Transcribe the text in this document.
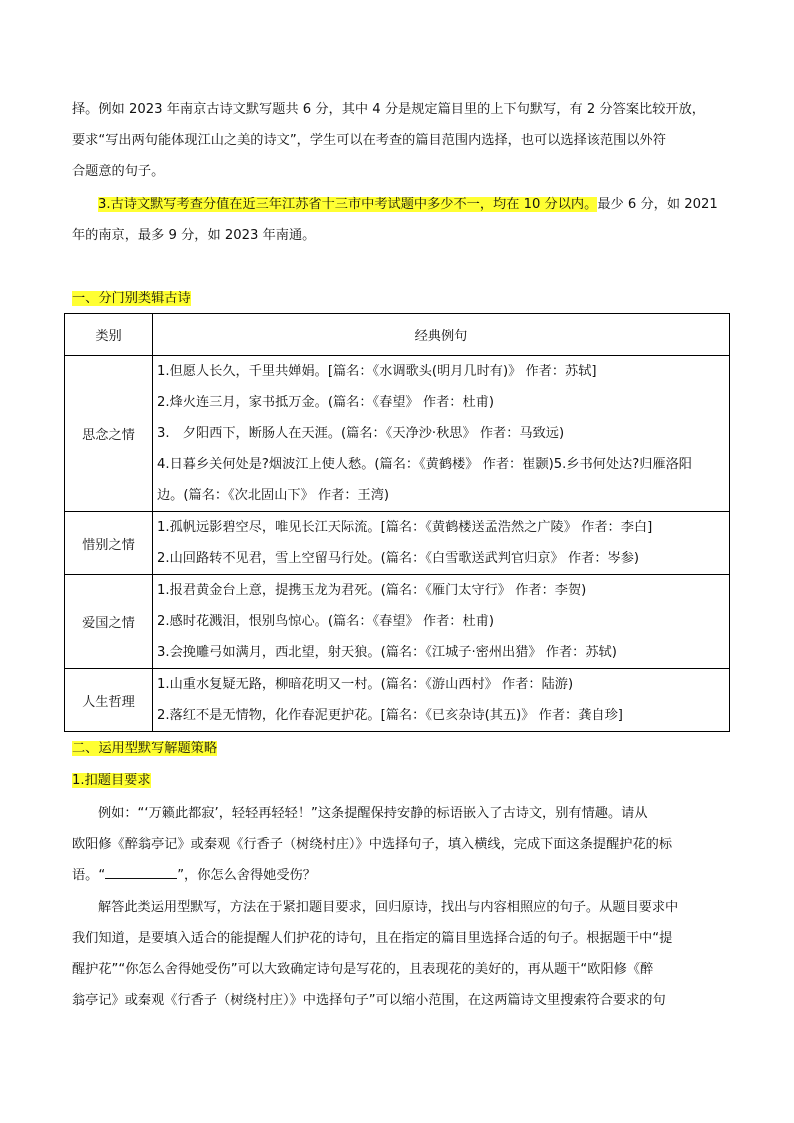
择。例如 2023 年南京古诗文默写题共 6 分，其中 4 分是规定篇目里的上下句默写，有 2 分答案比较开放，
要求“写出两句能体现江山之美的诗文”，学生可以在考查的篇目范围内选择，也可以选择该范围以外符
合题意的句子。

3.古诗文默写考查分值在近三年江苏省十三市中考试题中多少不一，均在 10 分以内。最少 6 分，如 2021
年的南京，最多 9 分，如 2023 年南通。

一、分门别类辑古诗
类别	经典例句
思念之情	1.但愿人长久，千里共婵娟。[篇名：《水调歌头(明月几时有)》 作者：苏轼]

2.烽火连三月，家书抵万金。(篇名：《春望》 作者：杜甫)

3.　夕阳西下，断肠人在天涯。(篇名：《天净沙·秋思》 作者：马致远)

4.日暮乡关何处是?烟波江上使人愁。(篇名：《黄鹤楼》 作者：崔颢)5.乡书何处达?归雁洛阳

边。(篇名：《次北固山下》 作者：王湾)

惜别之情	1.孤帆远影碧空尽，唯见长江天际流。[篇名：《黄鹤楼送孟浩然之广陵》 作者：李白]

2.山回路转不见君，雪上空留马行处。(篇名：《白雪歌送武判官归京》 作者：岑参)

爱国之情	1.报君黄金台上意，提携玉龙为君死。(篇名：《雁门太守行》 作者：李贺)

2.感时花溅泪，恨别鸟惊心。(篇名：《春望》 作者：杜甫)

3.会挽雕弓如满月，西北望，射天狼。(篇名：《江城子·密州出猎》 作者：苏轼)

人生哲理	1.山重水复疑无路，柳暗花明又一村。(篇名：《游山西村》 作者：陆游)

2.落红不是无情物，化作春泥更护花。[篇名：《已亥杂诗(其五)》 作者：龚自珍]

二、运用型默写解题策略
1.扣题目要求

例如：“‘万籁此都寂’，轻轻再轻轻！”这条提醒保持安静的标语嵌入了古诗文，别有情趣。请从
欧阳修《醉翁亭记》或秦观《行香子（树绕村庄）》中选择句子，填入横线，完成下面这条提醒护花的标
语。“	”，你怎么舍得她受伤？

解答此类运用型默写，方法在于紧扣题目要求，回归原诗，找出与内容相照应的句子。从题目要求中
我们知道，是要填入适合的能提醒人们护花的诗句，且在指定的篇目里选择合适的句子。根据题干中“提
醒护花”“你怎么舍得她受伤”可以大致确定诗句是写花的，且表现花的美好的，再从题干“欧阳修《醉
翁亭记》或秦观《行香子（树绕村庄）》中选择句子”可以缩小范围，在这两篇诗文里搜索符合要求的句
